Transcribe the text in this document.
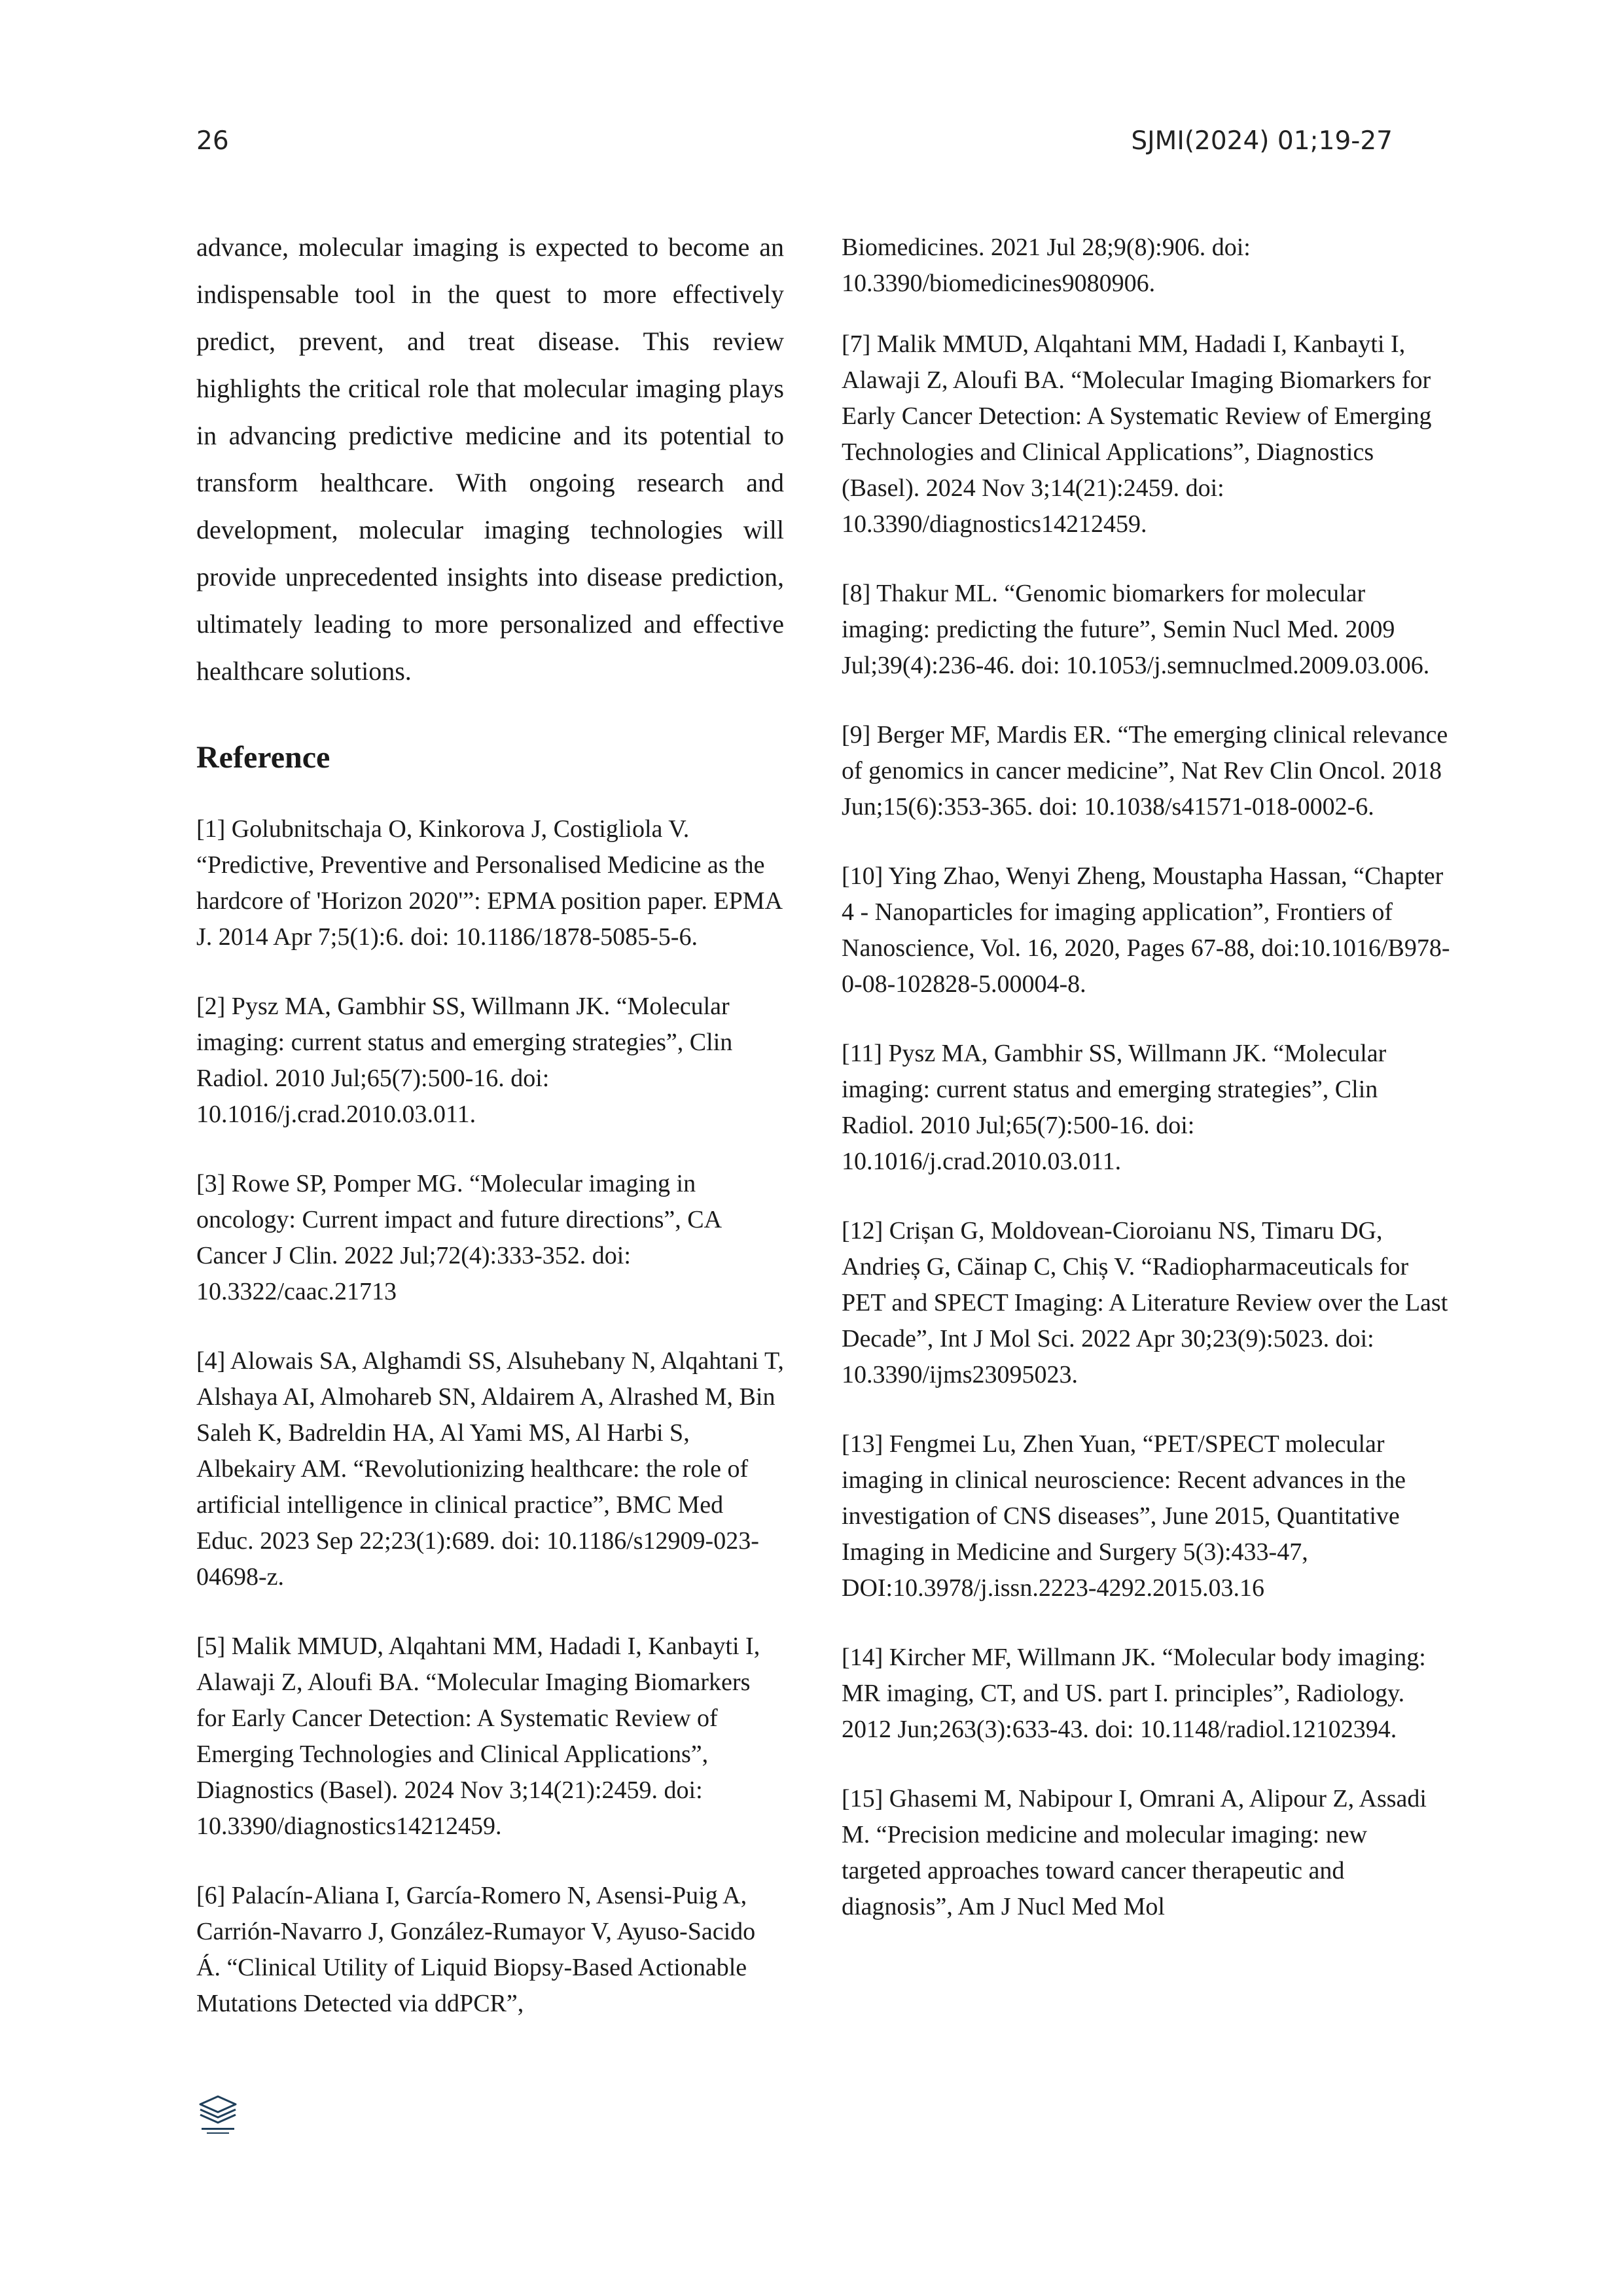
26	SJMI(2024) 01;19-27

advance, molecular imaging is expected to become an indispensable tool in the quest to more effectively predict, prevent, and treat disease. This review highlights the critical role that molecular imaging plays in advancing predictive medicine and its potential to transform healthcare. With ongoing research and development, molecular imaging technologies will provide unprecedented insights into disease prediction, ultimately leading to more personalized and effective healthcare solutions.

Reference

[1] Golubnitschaja O, Kinkorova J, Costigliola V. “Predictive, Preventive and Personalised Medicine as the hardcore of 'Horizon 2020'”: EPMA position paper. EPMA J. 2014 Apr 7;5(1):6. doi: 10.1186/1878-5085-5-6.

[2] Pysz MA, Gambhir SS, Willmann JK. “Molecular imaging: current status and emerging strategies”, Clin Radiol. 2010 Jul;65(7):500-16. doi: 10.1016/j.crad.2010.03.011.

[3] Rowe SP, Pomper MG. “Molecular imaging in oncology: Current impact and future directions”, CA Cancer J Clin. 2022 Jul;72(4):333-352. doi: 10.3322/caac.21713

[4] Alowais SA, Alghamdi SS, Alsuhebany N, Alqahtani T, Alshaya AI, Almohareb SN, Aldairem A, Alrashed M, Bin Saleh K, Badreldin HA, Al Yami MS, Al Harbi S, Albekairy AM. “Revolutionizing healthcare: the role of artificial intelligence in clinical practice”, BMC Med Educ. 2023 Sep 22;23(1):689. doi: 10.1186/s12909-023-04698-z.

[5] Malik MMUD, Alqahtani MM, Hadadi I, Kanbayti I, Alawaji Z, Aloufi BA. “Molecular Imaging Biomarkers for Early Cancer Detection: A Systematic Review of Emerging Technologies and Clinical Applications”, Diagnostics (Basel). 2024 Nov 3;14(21):2459. doi: 10.3390/diagnostics14212459.

[6] Palacín-Aliana I, García-Romero N, Asensi-Puig A, Carrión-Navarro J, González-Rumayor V, Ayuso-Sacido Á. “Clinical Utility of Liquid Biopsy-Based Actionable Mutations Detected via ddPCR”,

Biomedicines. 2021 Jul 28;9(8):906. doi: 10.3390/biomedicines9080906.

[7] Malik MMUD, Alqahtani MM, Hadadi I, Kanbayti I, Alawaji Z, Aloufi BA. “Molecular Imaging Biomarkers for Early Cancer Detection: A Systematic Review of Emerging Technologies and Clinical Applications”, Diagnostics (Basel). 2024 Nov 3;14(21):2459. doi: 10.3390/diagnostics14212459.

[8] Thakur ML. “Genomic biomarkers for molecular imaging: predicting the future”, Semin Nucl Med. 2009 Jul;39(4):236-46. doi: 10.1053/j.semnuclmed.2009.03.006.

[9] Berger MF, Mardis ER. “The emerging clinical relevance of genomics in cancer medicine”, Nat Rev Clin Oncol. 2018 Jun;15(6):353-365. doi: 10.1038/s41571-018-0002-6.

[10] Ying Zhao, Wenyi Zheng, Moustapha Hassan, “Chapter 4 - Nanoparticles for imaging application”, Frontiers of Nanoscience, Vol. 16, 2020, Pages 67-88, doi:10.1016/B978-0-08-102828-5.00004-8.

[11] Pysz MA, Gambhir SS, Willmann JK. “Molecular imaging: current status and emerging strategies”, Clin Radiol. 2010 Jul;65(7):500-16. doi: 10.1016/j.crad.2010.03.011.

[12] Crișan G, Moldovean-Cioroianu NS, Timaru DG, Andrieș G, Căinap C, Chiș V. “Radiopharmaceuticals for PET and SPECT Imaging: A Literature Review over the Last Decade”, Int J Mol Sci. 2022 Apr 30;23(9):5023. doi: 10.3390/ijms23095023.

[13] Fengmei Lu, Zhen Yuan, “PET/SPECT molecular imaging in clinical neuroscience: Recent advances in the investigation of CNS diseases”, June 2015, Quantitative Imaging in Medicine and Surgery 5(3):433-47, DOI:10.3978/j.issn.2223-4292.2015.03.16

[14] Kircher MF, Willmann JK. “Molecular body imaging: MR imaging, CT, and US. part I. principles”, Radiology. 2012 Jun;263(3):633-43. doi: 10.1148/radiol.12102394.

[15] Ghasemi M, Nabipour I, Omrani A, Alipour Z, Assadi M. “Precision medicine and molecular imaging: new targeted approaches toward cancer therapeutic and diagnosis”, Am J Nucl Med Mol
